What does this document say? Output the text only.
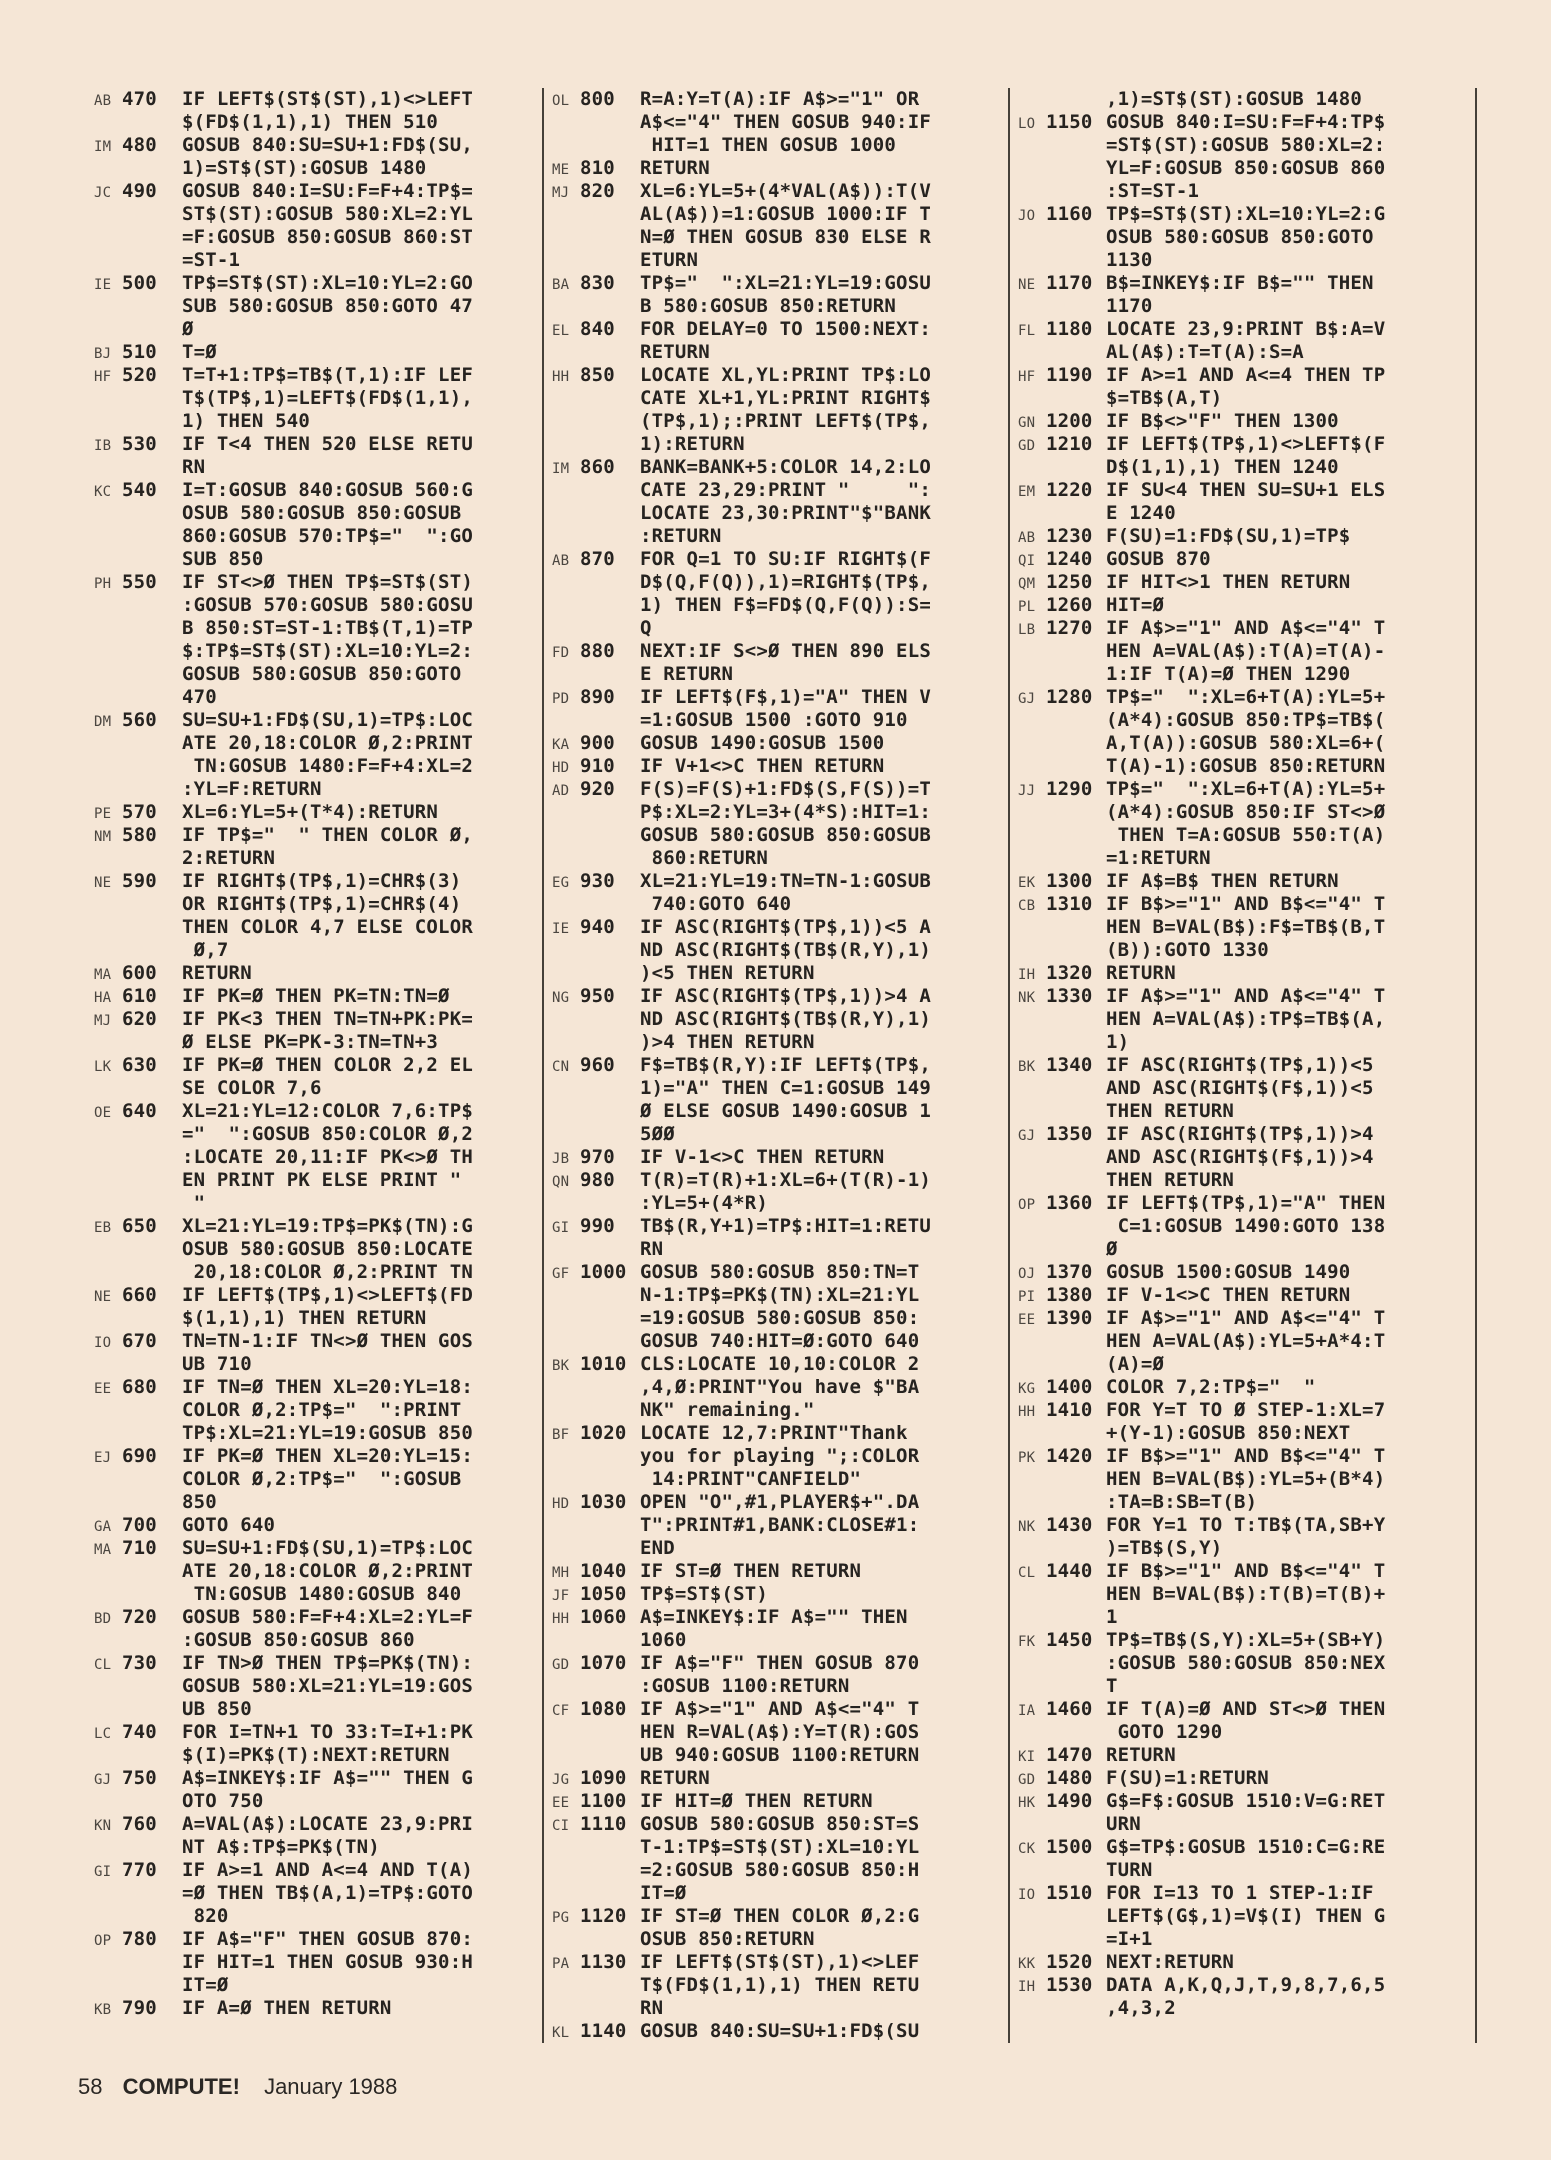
AB 470 IF LEFT$(ST$(ST),1)<>LEFT
$(FD$(1,1),1) THEN 510
IM 480 GOSUB 840:SU=SU+1:FD$(SU,
1)=ST$(ST):GOSUB 1480
JC 490 GOSUB 840:I=SU:F=F+4:TP$=
ST$(ST):GOSUB 580:XL=2:YL
=F:GOSUB 850:GOSUB 860:ST
=ST-1
IE 500 TP$=ST$(ST):XL=10:YL=2:GO
SUB 580:GOSUB 850:GOTO 47
Ø
BJ 510 T=Ø
HF 520 T=T+1:TP$=TB$(T,1):IF LEF
T$(TP$,1)=LEFT$(FD$(1,1),
1) THEN 540
IB 530 IF T<4 THEN 520 ELSE RETU
RN
KC 540 I=T:GOSUB 840:GOSUB 560:G
OSUB 580:GOSUB 850:GOSUB
860:GOSUB 570:TP$="  ":GO
SUB 850
PH 550 IF ST<>Ø THEN TP$=ST$(ST)
:GOSUB 570:GOSUB 580:GOSU
B 850:ST=ST-1:TB$(T,1)=TP
$:TP$=ST$(ST):XL=10:YL=2:
GOSUB 580:GOSUB 850:GOTO
470
DM 560 SU=SU+1:FD$(SU,1)=TP$:LOC
ATE 20,18:COLOR Ø,2:PRINT
TN:GOSUB 1480:F=F+4:XL=2
:YL=F:RETURN
PE 570 XL=6:YL=5+(T*4):RETURN
NM 580 IF TP$="  " THEN COLOR Ø,
2:RETURN
NE 590 IF RIGHT$(TP$,1)=CHR$(3)
OR RIGHT$(TP$,1)=CHR$(4)
THEN COLOR 4,7 ELSE COLOR
Ø,7
MA 600 RETURN
HA 610 IF PK=Ø THEN PK=TN:TN=Ø
MJ 620 IF PK<3 THEN TN=TN+PK:PK=
Ø ELSE PK=PK-3:TN=TN+3
LK 630 IF PK=Ø THEN COLOR 2,2 EL
SE COLOR 7,6
OE 640 XL=21:YL=12:COLOR 7,6:TP$
="  ":GOSUB 850:COLOR Ø,2
:LOCATE 20,11:IF PK<>Ø TH
EN PRINT PK ELSE PRINT "
"
EB 650 XL=21:YL=19:TP$=PK$(TN):G
OSUB 580:GOSUB 850:LOCATE
20,18:COLOR Ø,2:PRINT TN
NE 660 IF LEFT$(TP$,1)<>LEFT$(FD
$(1,1),1) THEN RETURN
IO 670 TN=TN-1:IF TN<>Ø THEN GOS
UB 710
EE 680 IF TN=Ø THEN XL=20:YL=18:
COLOR Ø,2:TP$="  ":PRINT
TP$:XL=21:YL=19:GOSUB 850
EJ 690 IF PK=Ø THEN XL=20:YL=15:
COLOR Ø,2:TP$="  ":GOSUB
850
GA 700 GOTO 640
MA 710 SU=SU+1:FD$(SU,1)=TP$:LOC
ATE 20,18:COLOR Ø,2:PRINT
TN:GOSUB 1480:GOSUB 840
BD 720 GOSUB 580:F=F+4:XL=2:YL=F
:GOSUB 850:GOSUB 860
CL 730 IF TN>Ø THEN TP$=PK$(TN):
GOSUB 580:XL=21:YL=19:GOS
UB 850
LC 740 FOR I=TN+1 TO 33:T=I+1:PK
$(I)=PK$(T):NEXT:RETURN
GJ 750 A$=INKEY$:IF A$="" THEN G
OTO 750
KN 760 A=VAL(A$):LOCATE 23,9:PRI
NT A$:TP$=PK$(TN)
GI 770 IF A>=1 AND A<=4 AND T(A)
=Ø THEN TB$(A,1)=TP$:GOTO
820
OP 780 IF A$="F" THEN GOSUB 870:
IF HIT=1 THEN GOSUB 930:H
IT=Ø
KB 790 IF A=Ø THEN RETURN
OL 800 R=A:Y=T(A):IF A$>="1" OR
A$<="4" THEN GOSUB 940:IF
HIT=1 THEN GOSUB 1000
ME 810 RETURN
MJ 820 XL=6:YL=5+(4*VAL(A$)):T(V
AL(A$))=1:GOSUB 1000:IF T
N=Ø THEN GOSUB 830 ELSE R
ETURN
BA 830 TP$="  ":XL=21:YL=19:GOSU
B 580:GOSUB 850:RETURN
EL 840 FOR DELAY=0 TO 1500:NEXT:
RETURN
HH 850 LOCATE XL,YL:PRINT TP$:LO
CATE XL+1,YL:PRINT RIGHT$
(TP$,1);:PRINT LEFT$(TP$,
1):RETURN
IM 860 BANK=BANK+5:COLOR 14,2:LO
CATE 23,29:PRINT "     ":
LOCATE 23,30:PRINT"$"BANK
:RETURN
AB 870 FOR Q=1 TO SU:IF RIGHT$(F
D$(Q,F(Q)),1)=RIGHT$(TP$,
1) THEN F$=FD$(Q,F(Q)):S=
Q
FD 880 NEXT:IF S<>Ø THEN 890 ELS
E RETURN
PD 890 IF LEFT$(F$,1)="A" THEN V
=1:GOSUB 1500 :GOTO 910
KA 900 GOSUB 1490:GOSUB 1500
HD 910 IF V+1<>C THEN RETURN
AD 920 F(S)=F(S)+1:FD$(S,F(S))=T
P$:XL=2:YL=3+(4*S):HIT=1:
GOSUB 580:GOSUB 850:GOSUB
860:RETURN
EG 930 XL=21:YL=19:TN=TN-1:GOSUB
740:GOTO 640
IE 940 IF ASC(RIGHT$(TP$,1))<5 A
ND ASC(RIGHT$(TB$(R,Y),1)
)<5 THEN RETURN
NG 950 IF ASC(RIGHT$(TP$,1))>4 A
ND ASC(RIGHT$(TB$(R,Y),1)
)>4 THEN RETURN
CN 960 F$=TB$(R,Y):IF LEFT$(TP$,
1)="A" THEN C=1:GOSUB 149
Ø ELSE GOSUB 1490:GOSUB 1
5ØØ
JB 970 IF V-1<>C THEN RETURN
QN 980 T(R)=T(R)+1:XL=6+(T(R)-1)
:YL=5+(4*R)
GI 990 TB$(R,Y+1)=TP$:HIT=1:RETU
RN
GF 1000 GOSUB 580:GOSUB 850:TN=T
N-1:TP$=PK$(TN):XL=21:YL
=19:GOSUB 580:GOSUB 850:
GOSUB 740:HIT=Ø:GOTO 640
BK 1010 CLS:LOCATE 10,10:COLOR 2
,4,Ø:PRINT"You have $"BA
NK" remaining."
BF 1020 LOCATE 12,7:PRINT"Thank
you for playing ";:COLOR
14:PRINT"CANFIELD"
HD 1030 OPEN "O",#1,PLAYER$+".DA
T":PRINT#1,BANK:CLOSE#1:
END
MH 1040 IF ST=Ø THEN RETURN
JF 1050 TP$=ST$(ST)
HH 1060 A$=INKEY$:IF A$="" THEN
1060
GD 1070 IF A$="F" THEN GOSUB 870
:GOSUB 1100:RETURN
CF 1080 IF A$>="1" AND A$<="4" T
HEN R=VAL(A$):Y=T(R):GOS
UB 940:GOSUB 1100:RETURN
JG 1090 RETURN
EE 1100 IF HIT=Ø THEN RETURN
CI 1110 GOSUB 580:GOSUB 850:ST=S
T-1:TP$=ST$(ST):XL=10:YL
=2:GOSUB 580:GOSUB 850:H
IT=Ø
PG 1120 IF ST=Ø THEN COLOR Ø,2:G
OSUB 850:RETURN
PA 1130 IF LEFT$(ST$(ST),1)<>LEF
T$(FD$(1,1),1) THEN RETU
RN
KL 1140 GOSUB 840:SU=SU+1:FD$(SU
,1)=ST$(ST):GOSUB 1480
LO 1150 GOSUB 840:I=SU:F=F+4:TP$
=ST$(ST):GOSUB 580:XL=2:
YL=F:GOSUB 850:GOSUB 860
:ST=ST-1
JO 1160 TP$=ST$(ST):XL=10:YL=2:G
OSUB 580:GOSUB 850:GOTO
1130
NE 1170 B$=INKEY$:IF B$="" THEN
1170
FL 1180 LOCATE 23,9:PRINT B$:A=V
AL(A$):T=T(A):S=A
HF 1190 IF A>=1 AND A<=4 THEN TP
$=TB$(A,T)
GN 1200 IF B$<>"F" THEN 1300
GD 1210 IF LEFT$(TP$,1)<>LEFT$(F
D$(1,1),1) THEN 1240
EM 1220 IF SU<4 THEN SU=SU+1 ELS
E 1240
AB 1230 F(SU)=1:FD$(SU,1)=TP$
QI 1240 GOSUB 870
QM 1250 IF HIT<>1 THEN RETURN
PL 1260 HIT=Ø
LB 1270 IF A$>="1" AND A$<="4" T
HEN A=VAL(A$):T(A)=T(A)-
1:IF T(A)=Ø THEN 1290
GJ 1280 TP$="  ":XL=6+T(A):YL=5+
(A*4):GOSUB 850:TP$=TB$(
A,T(A)):GOSUB 580:XL=6+(
T(A)-1):GOSUB 850:RETURN
JJ 1290 TP$="  ":XL=6+T(A):YL=5+
(A*4):GOSUB 850:IF ST<>Ø
THEN T=A:GOSUB 550:T(A)
=1:RETURN
EK 1300 IF A$=B$ THEN RETURN
CB 1310 IF B$>="1" AND B$<="4" T
HEN B=VAL(B$):F$=TB$(B,T
(B)):GOTO 1330
IH 1320 RETURN
NK 1330 IF A$>="1" AND A$<="4" T
HEN A=VAL(A$):TP$=TB$(A,
1)
BK 1340 IF ASC(RIGHT$(TP$,1))<5
AND ASC(RIGHT$(F$,1))<5
THEN RETURN
GJ 1350 IF ASC(RIGHT$(TP$,1))>4
AND ASC(RIGHT$(F$,1))>4
THEN RETURN
OP 1360 IF LEFT$(TP$,1)="A" THEN
C=1:GOSUB 1490:GOTO 138
Ø
OJ 1370 GOSUB 1500:GOSUB 1490
PI 1380 IF V-1<>C THEN RETURN
EE 1390 IF A$>="1" AND A$<="4" T
HEN A=VAL(A$):YL=5+A*4:T
(A)=Ø
KG 1400 COLOR 7,2:TP$="  "
HH 1410 FOR Y=T TO Ø STEP-1:XL=7
+(Y-1):GOSUB 850:NEXT
PK 1420 IF B$>="1" AND B$<="4" T
HEN B=VAL(B$):YL=5+(B*4)
:TA=B:SB=T(B)
NK 1430 FOR Y=1 TO T:TB$(TA,SB+Y
)=TB$(S,Y)
CL 1440 IF B$>="1" AND B$<="4" T
HEN B=VAL(B$):T(B)=T(B)+
1
FK 1450 TP$=TB$(S,Y):XL=5+(SB+Y)
:GOSUB 580:GOSUB 850:NEX
T
IA 1460 IF T(A)=Ø AND ST<>Ø THEN
GOTO 1290
KI 1470 RETURN
GD 1480 F(SU)=1:RETURN
HK 1490 G$=F$:GOSUB 1510:V=G:RET
URN
CK 1500 G$=TP$:GOSUB 1510:C=G:RE
TURN
IO 1510 FOR I=13 TO 1 STEP-1:IF
LEFT$(G$,1)=V$(I) THEN G
=I+1
KK 1520 NEXT:RETURN
IH 1530 DATA A,K,Q,J,T,9,8,7,6,5
,4,3,2
58 COMPUTE! January 1988
